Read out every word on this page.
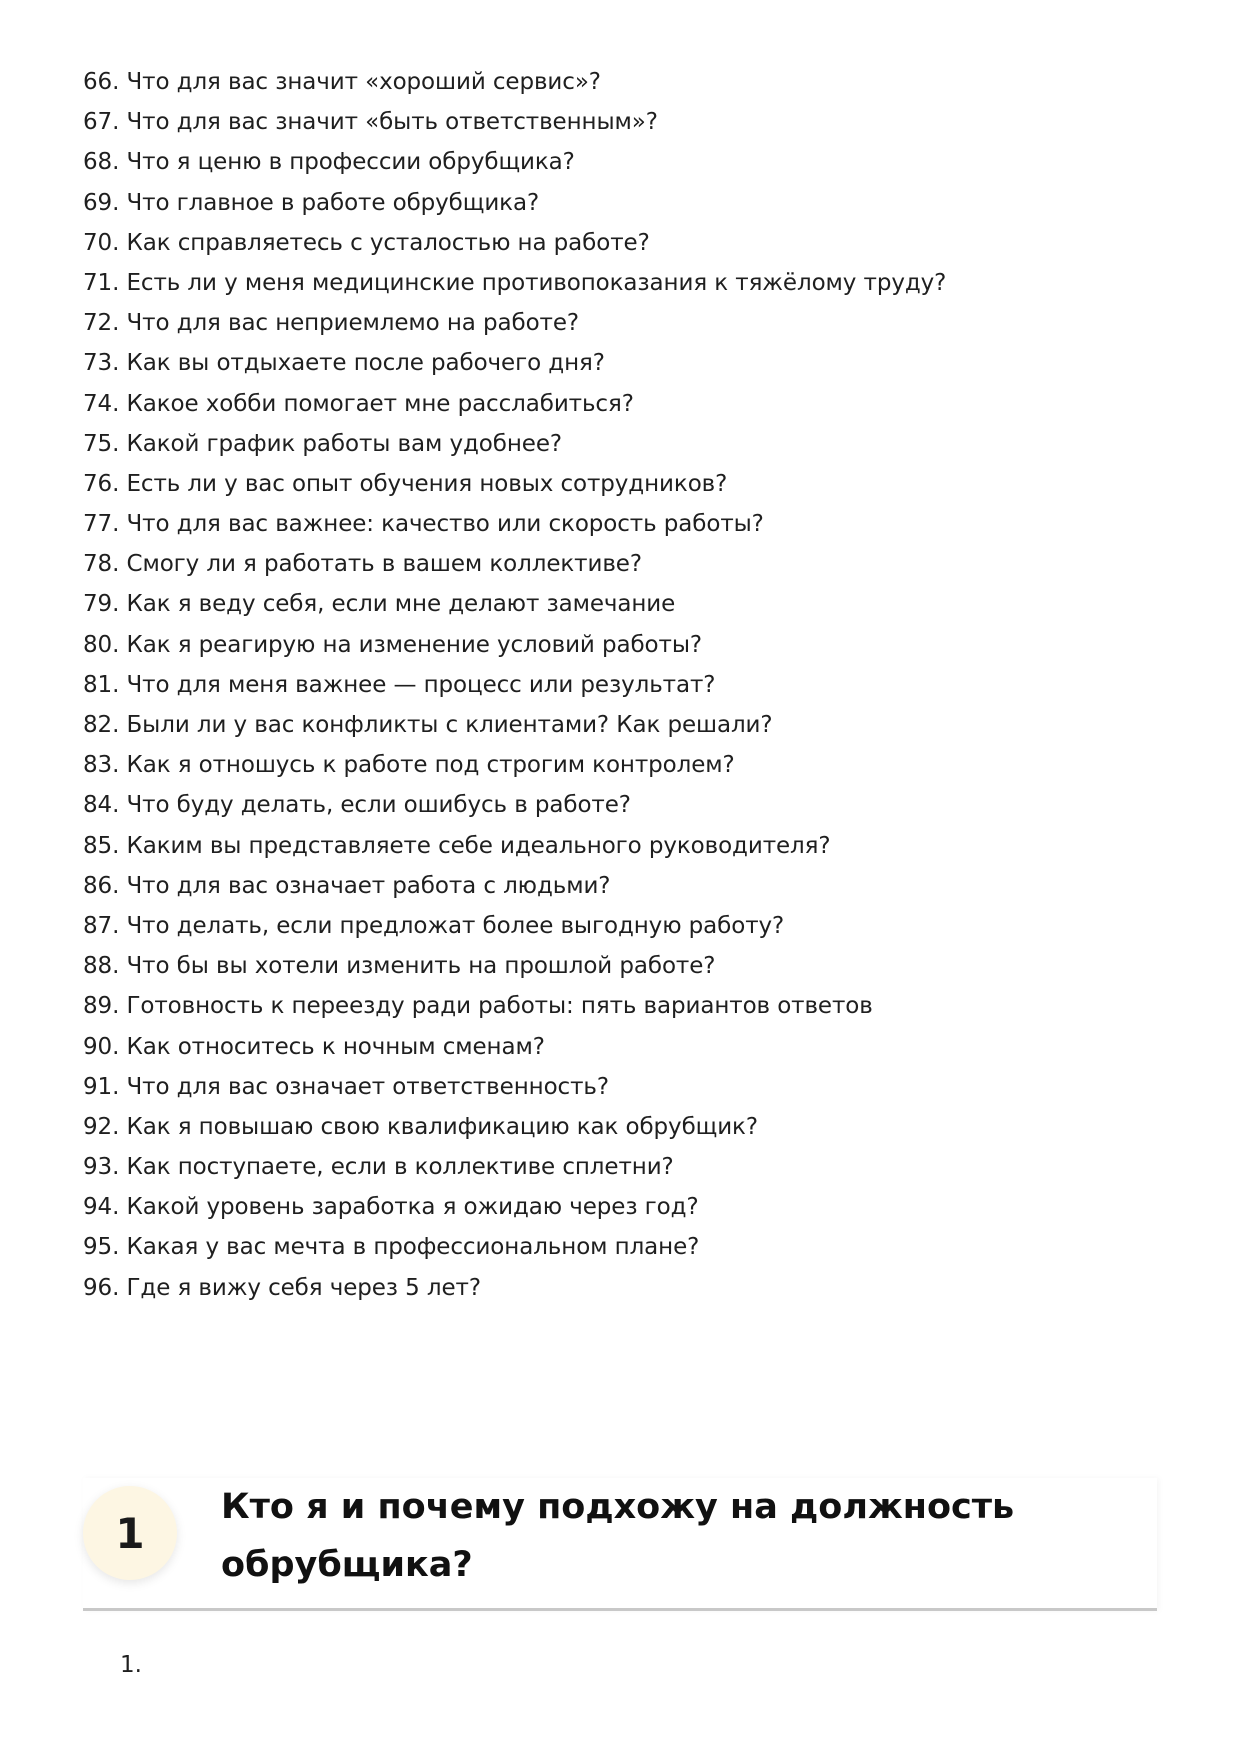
66. Что для вас значит «хороший сервис»?
67. Что для вас значит «быть ответственным»?
68. Что я ценю в профессии обрубщика?
69. Что главное в работе обрубщика?
70. Как справляетесь с усталостью на работе?
71. Есть ли у меня медицинские противопоказания к тяжёлому труду?
72. Что для вас неприемлемо на работе?
73. Как вы отдыхаете после рабочего дня?
74. Какое хобби помогает мне расслабиться?
75. Какой график работы вам удобнее?
76. Есть ли у вас опыт обучения новых сотрудников?
77. Что для вас важнее: качество или скорость работы?
78. Смогу ли я работать в вашем коллективе?
79. Как я веду себя, если мне делают замечание
80. Как я реагирую на изменение условий работы?
81. Что для меня важнее — процесс или результат?
82. Были ли у вас конфликты с клиентами? Как решали?
83. Как я отношусь к работе под строгим контролем?
84. Что буду делать, если ошибусь в работе?
85. Каким вы представляете себе идеального руководителя?
86. Что для вас означает работа с людьми?
87. Что делать, если предложат более выгодную работу?
88. Что бы вы хотели изменить на прошлой работе?
89. Готовность к переезду ради работы: пять вариантов ответов
90. Как относитесь к ночным сменам?
91. Что для вас означает ответственность?
92. Как я повышаю свою квалификацию как обрубщик?
93. Как поступаете, если в коллективе сплетни?
94. Какой уровень заработка я ожидаю через год?
95. Какая у вас мечта в профессиональном плане?
96. Где я вижу себя через 5 лет?
1
Кто я и почему подхожу на должность обрубщика?
1.
